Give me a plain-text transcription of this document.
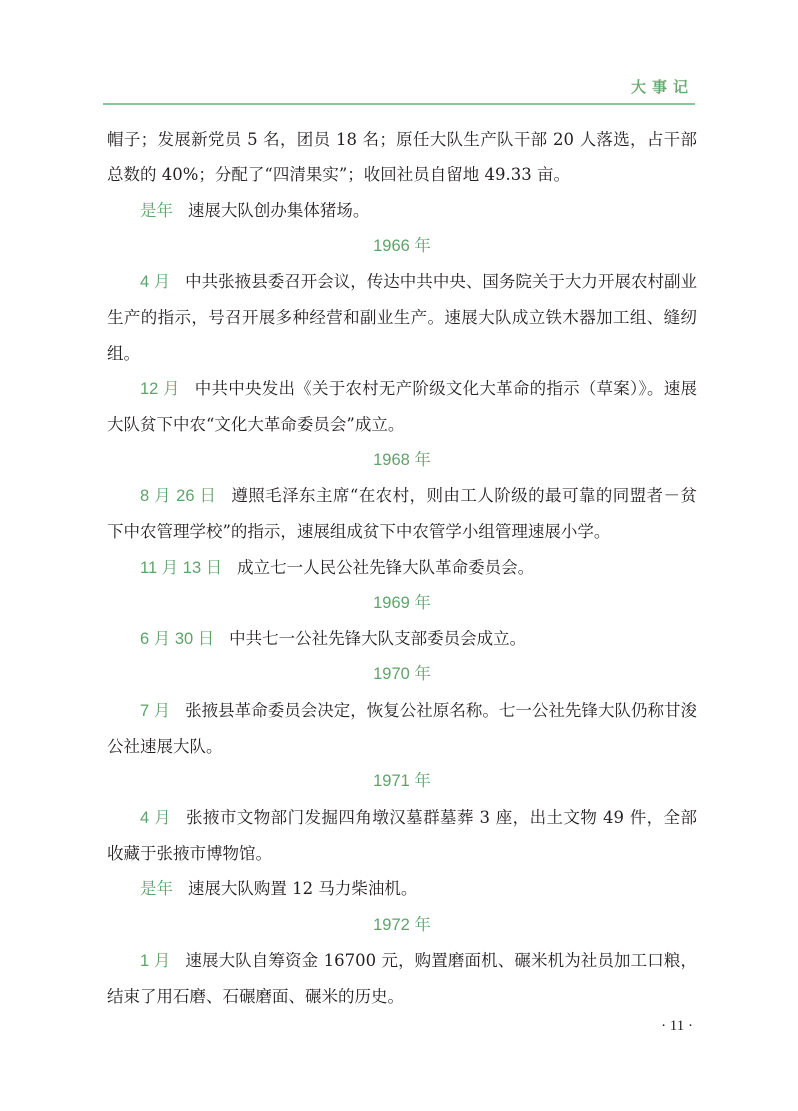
大事记

帽子；发展新党员 5 名，团员 18 名；原任大队生产队干部 20 人落选，占干部总数的 40%；分配了“四清果实”；收回社员自留地 49.33 亩。

是年 速展大队创办集体猪场。

1966 年

4 月 中共张掖县委召开会议，传达中共中央、国务院关于大力开展农村副业生产的指示，号召开展多种经营和副业生产。速展大队成立铁木器加工组、缝纫组。

12 月 中共中央发出《关于农村无产阶级文化大革命的指示（草案）》。速展大队贫下中农“文化大革命委员会”成立。

1968 年

8 月 26 日 遵照毛泽东主席“在农村，则由工人阶级的最可靠的同盟者－贫下中农管理学校”的指示，速展组成贫下中农管学小组管理速展小学。

11 月 13 日 成立七一人民公社先锋大队革命委员会。

1969 年

6 月 30 日 中共七一公社先锋大队支部委员会成立。

1970 年

7 月 张掖县革命委员会决定，恢复公社原名称。七一公社先锋大队仍称甘浚公社速展大队。

1971 年

4 月 张掖市文物部门发掘四角墩汉墓群墓葬 3 座，出土文物 49 件，全部收藏于张掖市博物馆。

是年 速展大队购置 12 马力柴油机。

1972 年

1 月 速展大队自筹资金 16700 元，购置磨面机、碾米机为社员加工口粮，结束了用石磨、石碾磨面、碾米的历史。

· 11 ·
